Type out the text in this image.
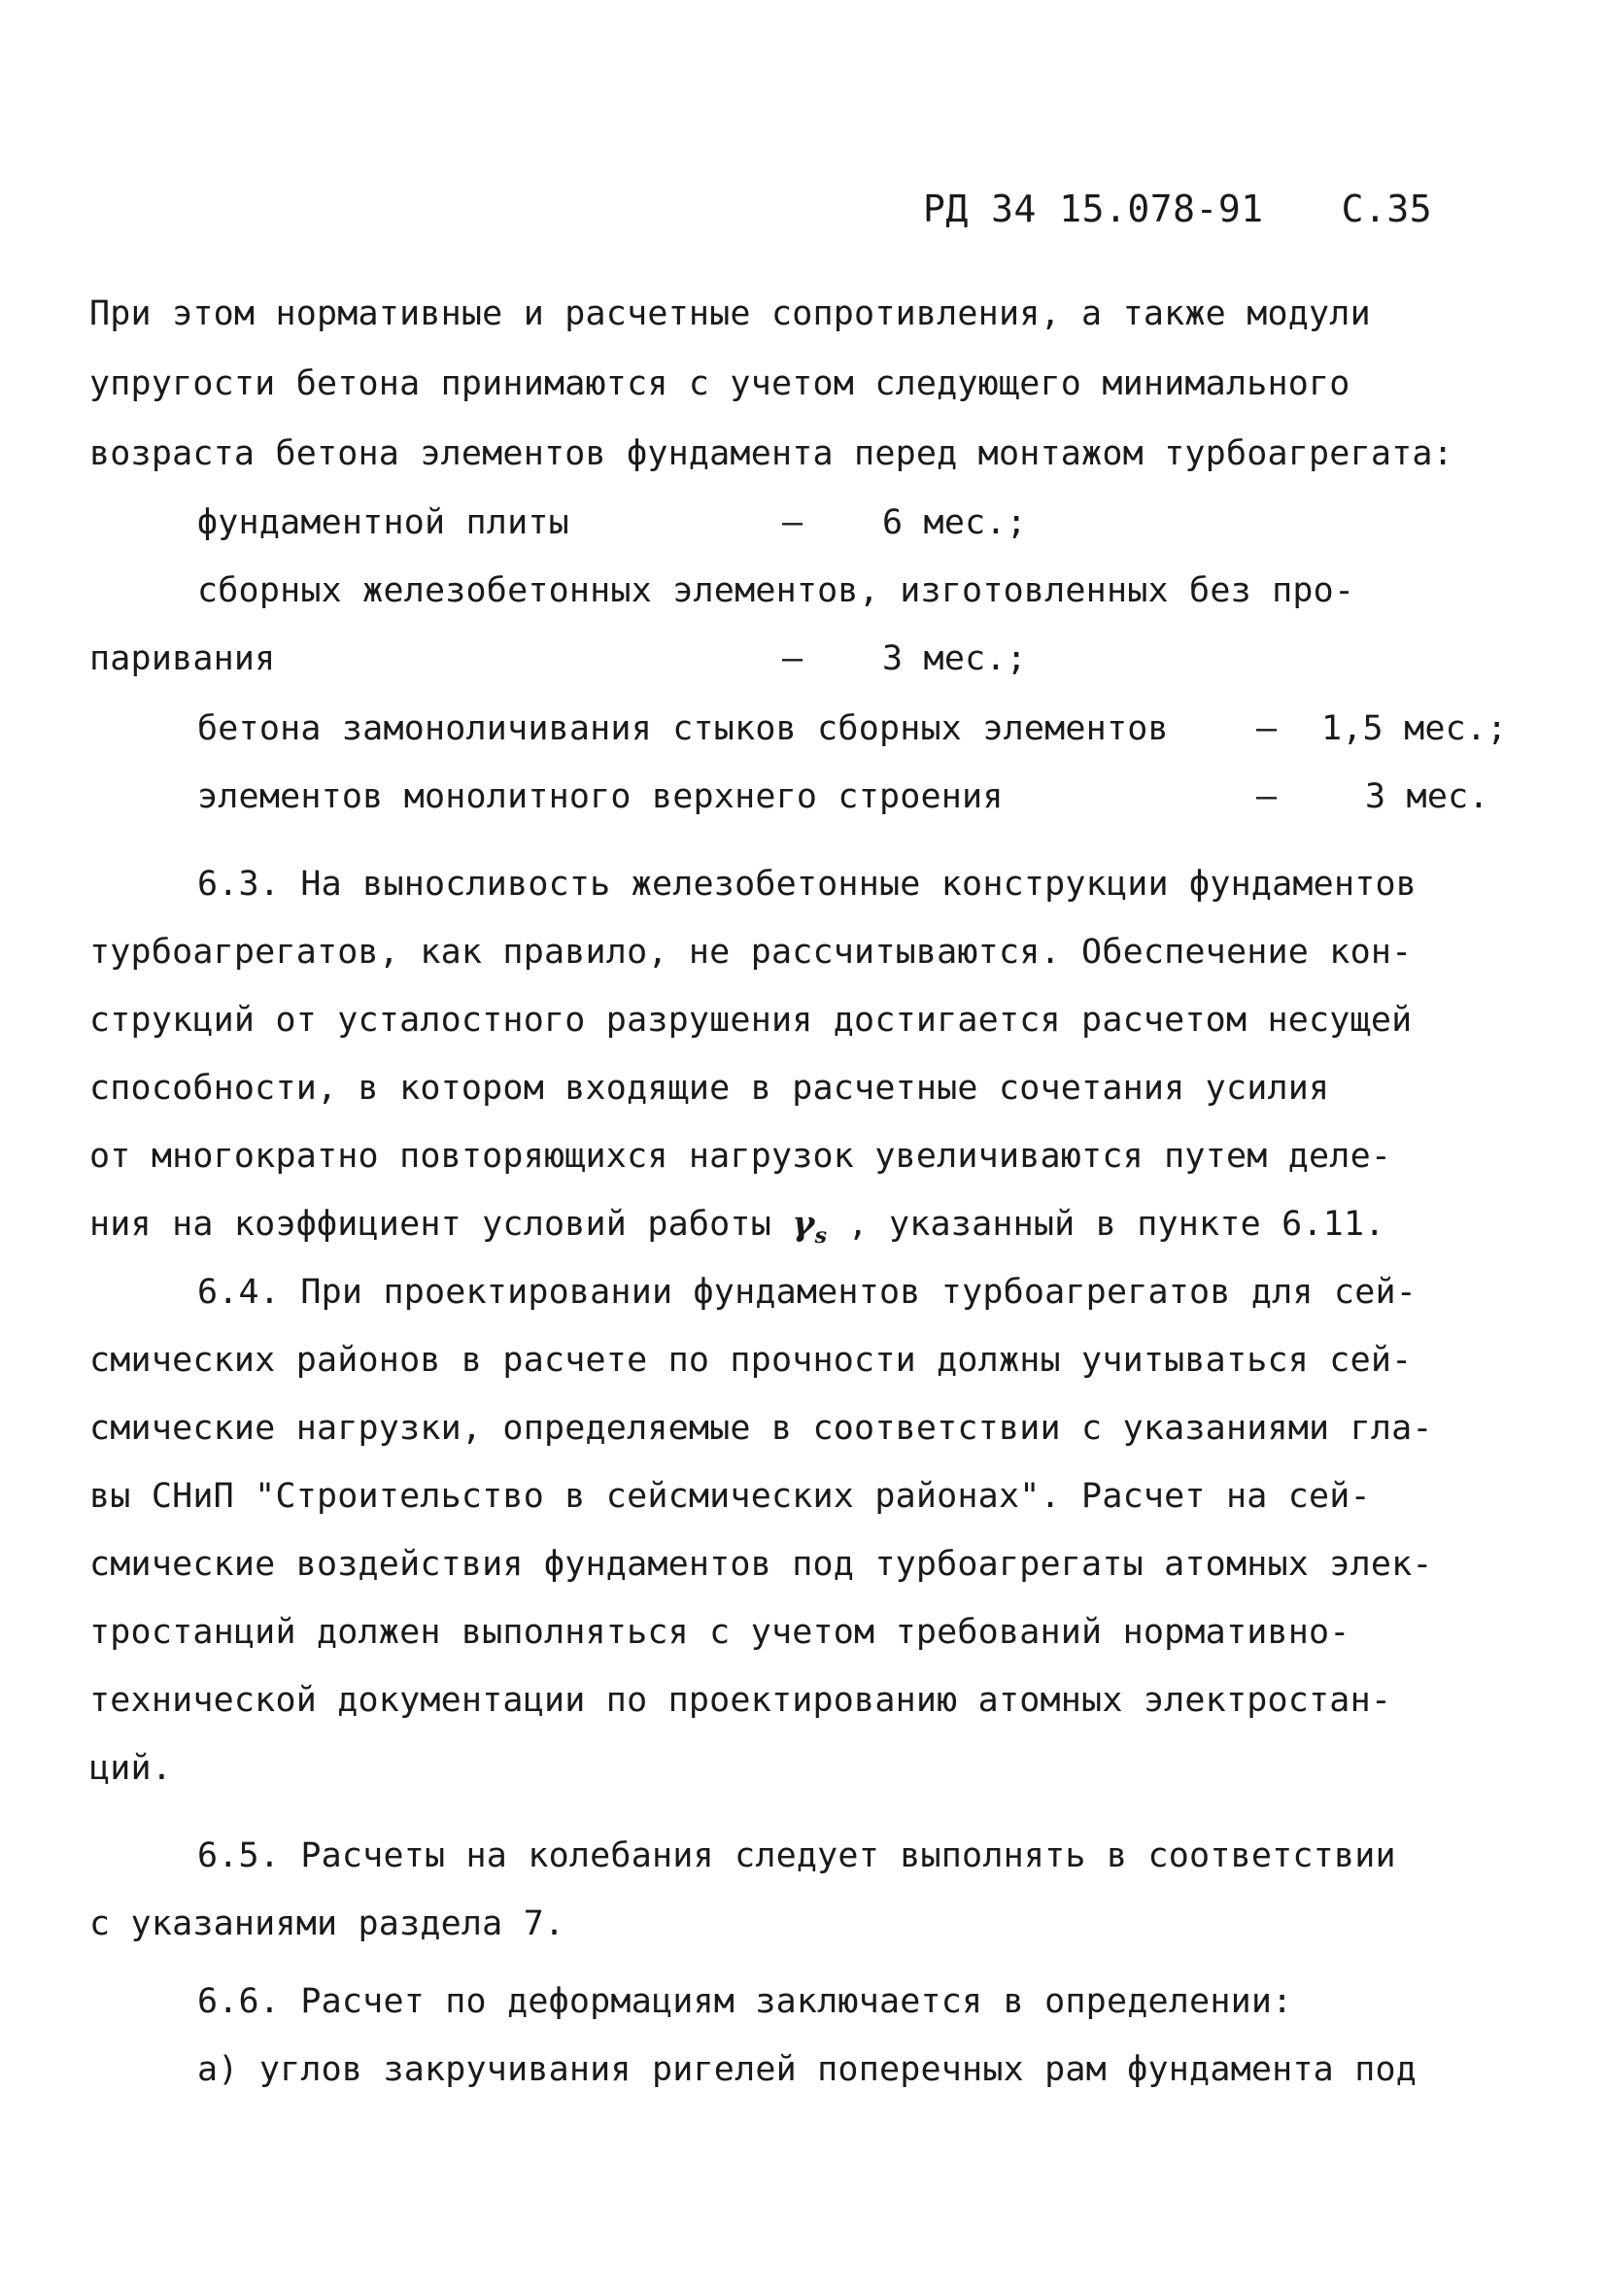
РД 34 15.078-91 С.35
При этом нормативные и расчетные сопротивления, а также модули
упругости бетона принимаются с учетом следующего минимального
возраста бетона элементов фундамента перед монтажом турбоагрегата:
фундаментной плиты	– 6 мес.;
сборных железобетонных элементов, изготовленных без про-
паривания	– 3 мес.;
бетона замоноличивания стыков сборных элементов	– 1,5 мес.;
элементов монолитного верхнего строения	–	3 мес.
6.3. На выносливость железобетонные конструкции фундаментов
турбоагрегатов, как правило, не рассчитываются. Обеспечение кон-
струкций от усталостного разрушения достигается расчетом несущей
способности, в котором входящие в расчетные сочетания усилия
от многократно повторяющихся нагрузок увеличиваются путем деле-
ния на коэффициент условий работы $\gamma_s$ , указанный в пункте 6.11.
6.4. При проектировании фундаментов турбоагрегатов для сей-
смических районов в расчете по прочности должны учитываться сей-
смические нагрузки, определяемые в соответствии с указаниями гла-
вы СНиП "Строительство в сейсмических районах". Расчет на сей-
смические воздействия фундаментов под турбоагрегаты атомных элек-
тростанций должен выполняться с учетом требований нормативно-
технической документации по проектированию атомных электростан-
ций.
6.5. Расчеты на колебания следует выполнять в соответствии
с указаниями раздела 7.
6.6. Расчет по деформациям заключается в определении:
а) углов закручивания ригелей поперечных рам фундамента под
